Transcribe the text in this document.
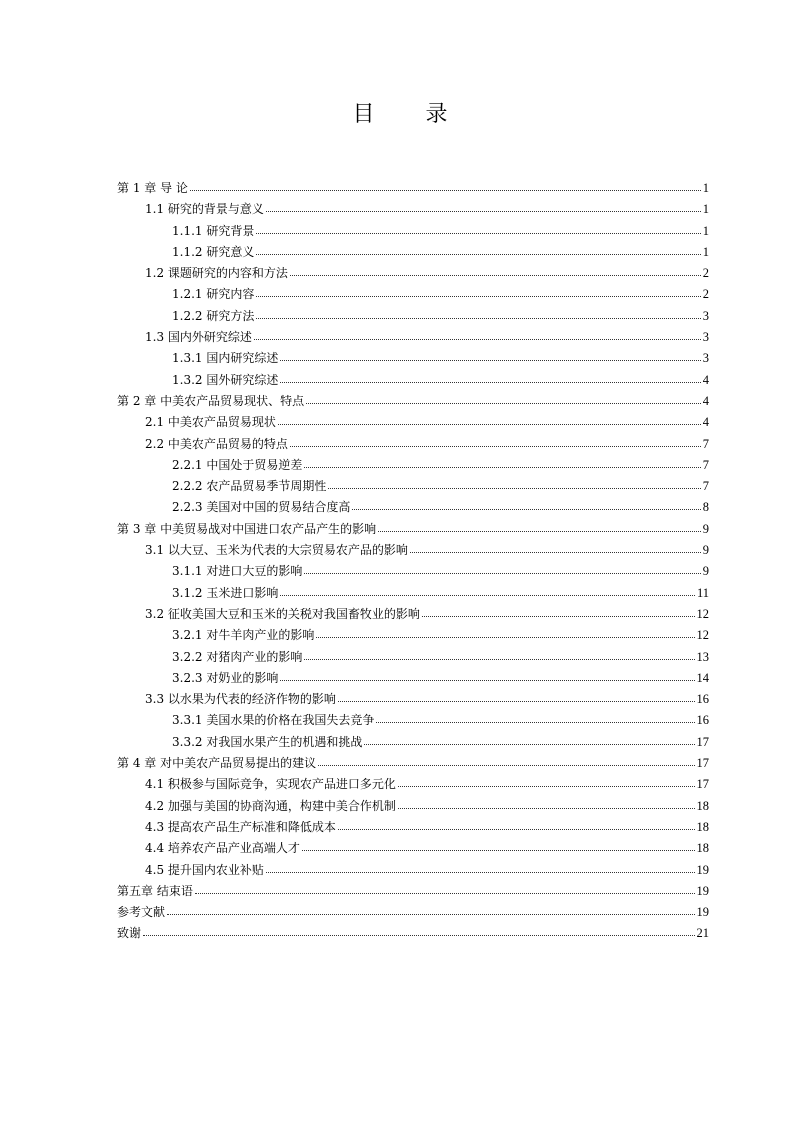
目 录
第 1 章 导 论	1
1.1 研究的背景与意义	1
1.1.1 研究背景	1
1.1.2 研究意义	1
1.2 课题研究的内容和方法	2
1.2.1 研究内容	2
1.2.2 研究方法	3
1.3 国内外研究综述	3
1.3.1 国内研究综述	3
1.3.2 国外研究综述	4
第 2 章 中美农产品贸易现状、特点	4
2.1 中美农产品贸易现状	4
2.2 中美农产品贸易的特点	7
2.2.1 中国处于贸易逆差	7
2.2.2 农产品贸易季节周期性	7
2.2.3 美国对中国的贸易结合度高	8
第 3 章 中美贸易战对中国进口农产品产生的影响	9
3.1 以大豆、玉米为代表的大宗贸易农产品的影响	9
3.1.1 对进口大豆的影响	9
3.1.2 玉米进口影响	11
3.2 征收美国大豆和玉米的关税对我国畜牧业的影响	12
3.2.1 对牛羊肉产业的影响	12
3.2.2 对猪肉产业的影响	13
3.2.3 对奶业的影响	14
3.3 以水果为代表的经济作物的影响	16
3.3.1 美国水果的价格在我国失去竞争	16
3.3.2 对我国水果产生的机遇和挑战	17
第 4 章 对中美农产品贸易提出的建议	17
4.1 积极参与国际竞争，实现农产品进口多元化	17
4.2 加强与美国的协商沟通，构建中美合作机制	18
4.3 提高农产品生产标准和降低成本	18
4.4 培养农产品产业高端人才	18
4.5 提升国内农业补贴	19
第五章 结束语	19
参考文献	19
致谢	21
